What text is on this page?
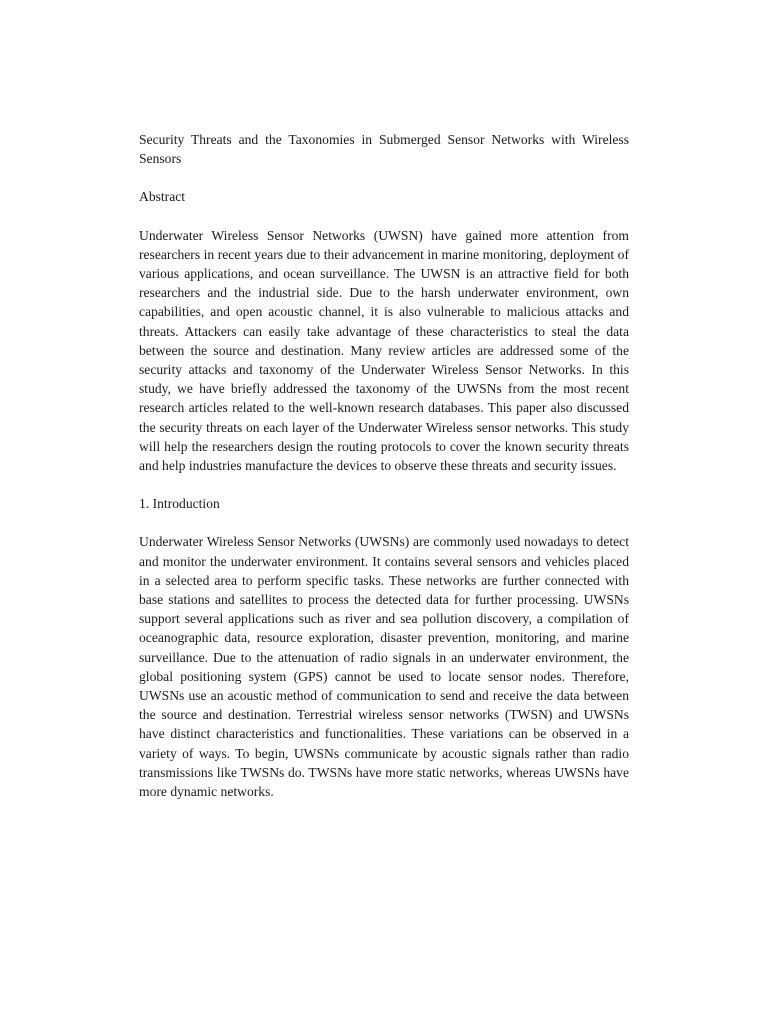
Security Threats and the Taxonomies in Submerged Sensor Networks with Wireless Sensors
Abstract

Underwater Wireless Sensor Networks (UWSN) have gained more attention from researchers in recent years due to their advancement in marine monitoring, deployment of various applications, and ocean surveillance. The UWSN is an attractive field for both researchers and the industrial side. Due to the harsh underwater environment, own capabilities, and open acoustic channel, it is also vulnerable to malicious attacks and threats. Attackers can easily take advantage of these characteristics to steal the data between the source and destination. Many review articles are addressed some of the security attacks and taxonomy of the Underwater Wireless Sensor Networks. In this study, we have briefly addressed the taxonomy of the UWSNs from the most recent research articles related to the well-known research databases. This paper also discussed the security threats on each layer of the Underwater Wireless sensor networks. This study will help the researchers design the routing protocols to cover the known security threats and help industries manufacture the devices to observe these threats and security issues.

1. Introduction

Underwater Wireless Sensor Networks (UWSNs) are commonly used nowadays to detect and monitor the underwater environment. It contains several sensors and vehicles placed in a selected area to perform specific tasks. These networks are further connected with base stations and satellites to process the detected data for further processing. UWSNs support several applications such as river and sea pollution discovery, a compilation of oceanographic data, resource exploration, disaster prevention, monitoring, and marine surveillance. Due to the attenuation of radio signals in an underwater environment, the global positioning system (GPS) cannot be used to locate sensor nodes. Therefore, UWSNs use an acoustic method of communication to send and receive the data between the source and destination. Terrestrial wireless sensor networks (TWSN) and UWSNs have distinct characteristics and functionalities. These variations can be observed in a variety of ways. To begin, UWSNs communicate by acoustic signals rather than radio transmissions like TWSNs do. TWSNs have more static networks, whereas UWSNs have more dynamic networks.
